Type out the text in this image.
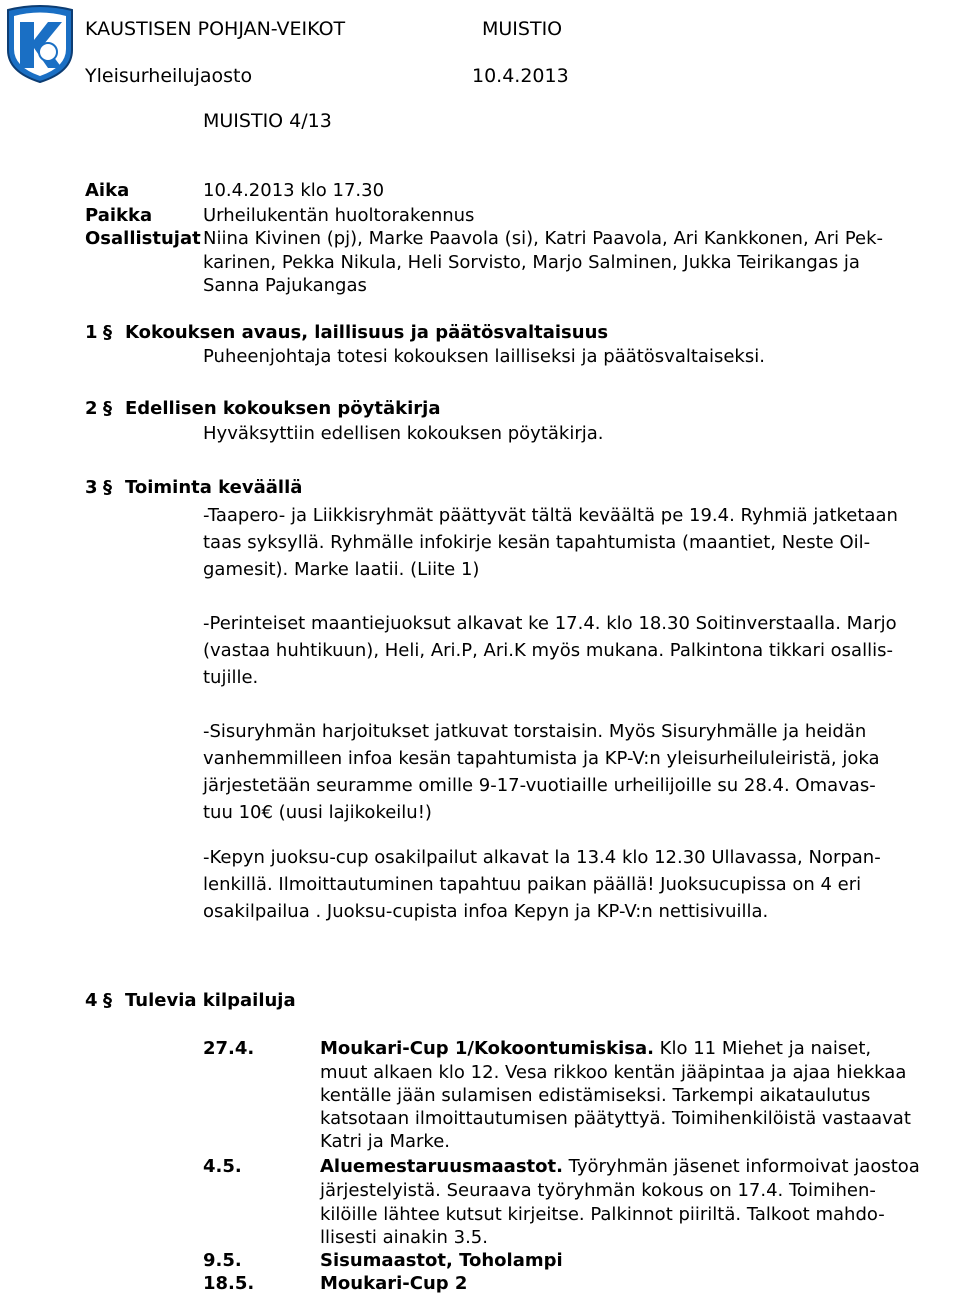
KAUSTISEN POHJAN-VEIKOT	MUISTIO
Yleisurheilujaosto	10.4.2013
MUISTIO 4/13
Aika	10.4.2013 klo 17.30
Paikka	Urheilukentän huoltorakennus
Osallistujat Niina Kivinen (pj), Marke Paavola (si), Katri Paavola, Ari Kankkonen, Ari Pek-
karinen, Pekka Nikula, Heli Sorvisto, Marjo Salminen, Jukka Teirikangas ja
Sanna Pajukangas
1 § Kokouksen avaus, laillisuus ja päätösvaltaisuus
Puheenjohtaja totesi kokouksen lailliseksi ja päätösvaltaiseksi.
2 § Edellisen kokouksen pöytäkirja
Hyväksyttiin edellisen kokouksen pöytäkirja.
3 § Toiminta keväällä
-Taapero- ja Liikkisryhmät päättyvät tältä keväältä pe 19.4. Ryhmiä jatketaan
taas syksyllä. Ryhmälle infokirje kesän tapahtumista (maantiet, Neste Oil-
gamesit). Marke laatii. (Liite 1)
-Perinteiset maantiejuoksut alkavat ke 17.4. klo 18.30 Soitinverstaalla. Marjo
(vastaa huhtikuun), Heli, Ari.P, Ari.K myös mukana. Palkintona tikkari osallis-
tujille.
-Sisuryhmän harjoitukset jatkuvat torstaisin. Myös Sisuryhmälle ja heidän
vanhemmilleen infoa kesän tapahtumista ja KP-V:n yleisurheiluleiristä, joka
järjestetään seuramme omille 9-17-vuotiaille urheilijoille su 28.4. Omavas-
tuu 10€ (uusi lajikokeilu!)
-Kepyn juoksu-cup osakilpailut alkavat la 13.4 klo 12.30 Ullavassa, Norpan-
lenkillä. Ilmoittautuminen tapahtuu paikan päällä! Juoksucupissa on 4 eri
osakilpailua . Juoksu-cupista infoa Kepyn ja KP-V:n nettisivuilla.
4 § Tulevia kilpailuja
27.4.	Moukari-Cup 1/Kokoontumiskisa. Klo 11 Miehet ja naiset,
muut alkaen klo 12. Vesa rikkoo kentän jääpintaa ja ajaa hiekkaa
kentälle jään sulamisen edistämiseksi. Tarkempi aikataulutus
katsotaan ilmoittautumisen päätyttyä. Toimihenkilöistä vastaavat
Katri ja Marke.
4.5.	Aluemestaruusmaastot. Työryhmän jäsenet informoivat jaostoa
järjestelyistä. Seuraava työryhmän kokous on 17.4. Toimihen-
kilöille lähtee kutsut kirjeitse. Palkinnot piiriltä. Talkoot mahdo-
llisesti ainakin 3.5.
9.5.	Sisumaastot, Toholampi
18.5.	Moukari-Cup 2
